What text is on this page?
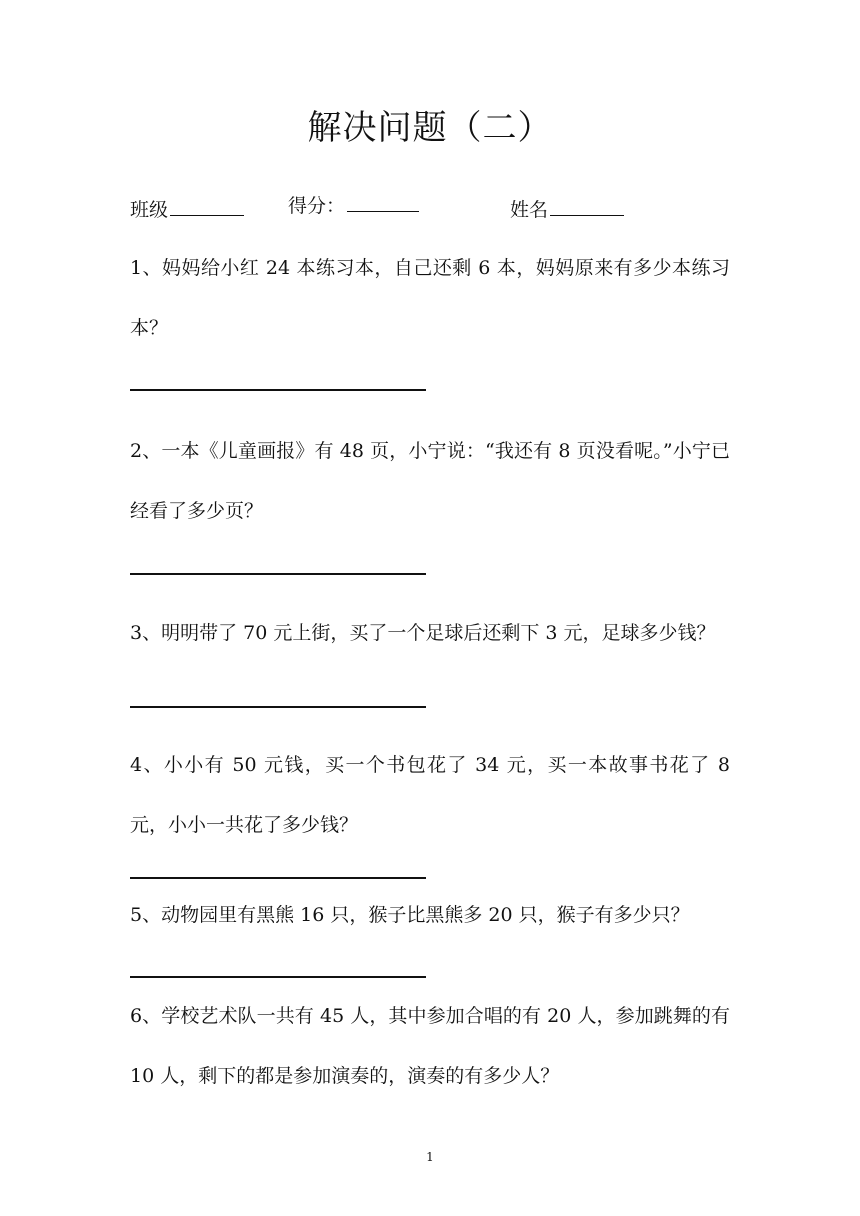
解决问题（二）
班级	得分：	姓名
1、妈妈给小红 24 本练习本，自己还剩 6 本，妈妈原来有多少本练习本？
2、一本《儿童画报》有 48 页，小宁说：“我还有 8 页没看呢。”小宁已经看了多少页？
3、明明带了 70 元上街，买了一个足球后还剩下 3 元，足球多少钱？
4、小小有 50 元钱，买一个书包花了 34 元，买一本故事书花了 8 元，小小一共花了多少钱？
5、动物园里有黑熊 16 只，猴子比黑熊多 20 只，猴子有多少只？
6、学校艺术队一共有 45 人，其中参加合唱的有 20 人，参加跳舞的有 10 人，剩下的都是参加演奏的，演奏的有多少人？
1
